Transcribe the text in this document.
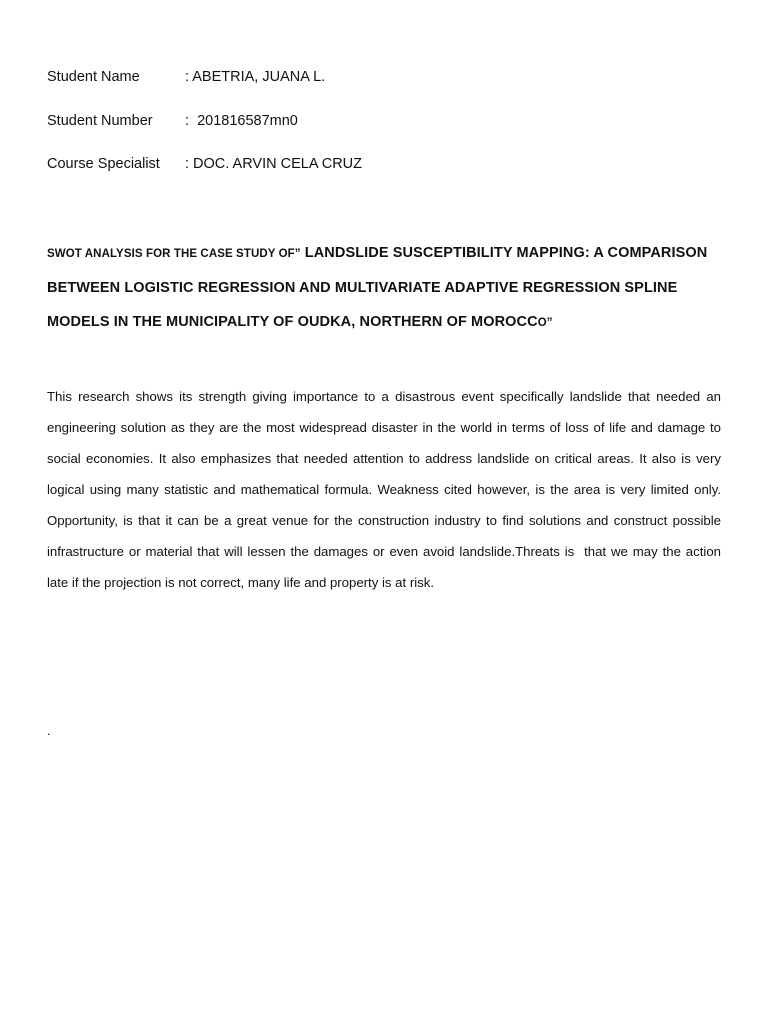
Student Name	: ABETRIA, JUANA L.
Student Number :  201816587mn0
Course Specialist : DOC. ARVIN CELA CRUZ
SWOT ANALYSIS FOR THE CASE STUDY OF” LANDSLIDE SUSCEPTIBILITY MAPPING: A COMPARISON BETWEEN LOGISTIC REGRESSION AND MULTIVARIATE ADAPTIVE REGRESSION SPLINE MODELS IN THE MUNICIPALITY OF OUDKA, NORTHERN OF MOROCCO”
This research shows its strength giving importance to a disastrous event specifically landslide that needed an engineering solution as they are the most widespread disaster in the world in terms of loss of life and damage to social economies. It also emphasizes that needed attention to address landslide on critical areas. It also is very logical using many statistic and mathematical formula. Weakness cited however, is the area is very limited only. Opportunity, is that it can be a great venue for the construction industry to find solutions and construct possible infrastructure or material that will lessen the damages or even avoid landslide.Threats is  that we may the action late if the projection is not correct, many life and property is at risk.
.
